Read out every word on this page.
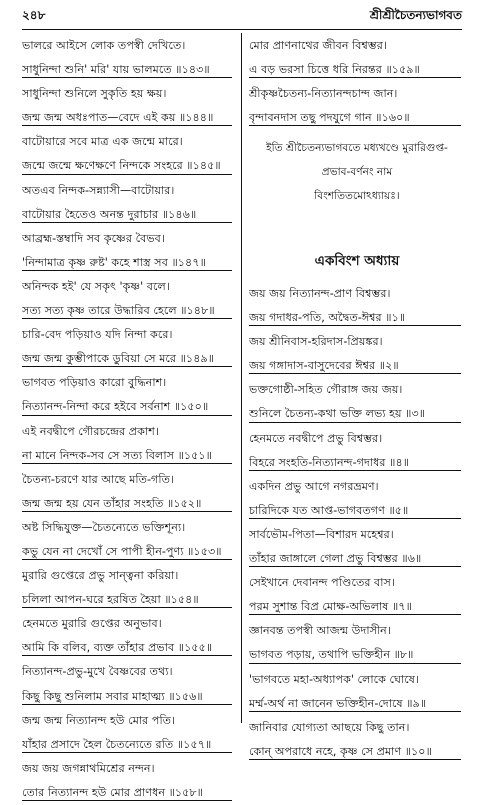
২৪৮	শ্রীশ্রীচৈতন্যভাগবত
ভালরে আইসে লোক তপস্বী দেখিতে।
সাধুনিন্দা শুনি' মরি' যায় ভালমতে ॥১৪৩॥
সাধুনিন্দা শুনিলে সুকৃতি হয় ক্ষয়।
জন্ম জন্ম অধঃপাত—বেদে এই কয় ॥১৪৪॥
বাটোয়ারে সবে মাত্র এক জন্মে মারে।
জন্মে জন্মে ক্ষণেক্ষণে নিন্দকে সংহরে ॥১৪৫॥
অতএব নিন্দক-সন্ন্যাসী—বাটোয়ার।
বাটোয়ার হৈতেও অনন্ত দুরাচার ॥১৪৬॥
আব্রহ্ম-স্তম্বাদি সব কৃষ্ণের বৈভব।
'নিন্দামাত্র কৃষ্ণ রুষ্ট' কহে শাস্ত্র সব ॥১৪৭॥
অনিন্দক হই' যে সকৃৎ 'কৃষ্ণ' বলে।
সত্য সত্য কৃষ্ণ তারে উদ্ধারিব হেলে ॥১৪৮॥
চারি-বেদ পড়িয়াও যদি নিন্দা করে।
জন্ম জন্ম কুম্ভীপাকে ডুবিয়া সে মরে ॥১৪৯॥
ভাগবত পড়িয়াও কারো বুদ্ধিনাশ।
নিত্যানন্দ-নিন্দা করে হইবে সর্বনাশ ॥১৫০॥
এই নবদ্বীপে গৌরচন্দ্রের প্রকাশ।
না মানে নিন্দক-সব সে সত্য বিলাস ॥১৫১॥
চৈতন্য-চরণে যার আছে মতি-গতি।
জন্ম জন্ম হয় যেন তাঁহার সংহতি ॥১৫২॥
অষ্ট সিদ্ধিযুক্ত—চৈতন্যেতে ভক্তিশূন্য।
কভু যেন না দেখোঁ সে পাপী হীন-পুণ্য ॥১৫৩॥
মুরারি গুপ্তেরে প্রভু সান্ত্বনা করিয়া।
চলিলা আপন-ঘরে হরষিত হৈয়া ॥১৫৪॥
হেনমতে মুরারি গুপ্তের অনুভাব।
আমি কি বলিব, ব্যক্ত তাঁহার প্রভাব ॥১৫৫॥
নিত্যানন্দ-প্রভু-মুখে বৈষ্ণবের তথ্য।
কিছু কিছু শুনিলাম সবার মাহাত্ম্য ॥১৫৬॥
জন্ম জন্ম নিত্যানন্দ হউ মোর পতি।
যাঁহার প্রসাদে হৈল চৈতন্যেতে রতি ॥১৫৭॥
জয় জয় জগন্নাথমিশ্রের নন্দন।
তোর নিত্যানন্দ হউ মোর প্রাণধন ॥১৫৮॥
মোর প্রাণনাথের জীবন বিশ্বম্ভর।
এ বড় ভরসা চিত্তে ধরি নিরন্তর ॥১৫৯॥
শ্রীকৃষ্ণচৈতন্য-নিত্যানন্দচান্দ জান।
বৃন্দাবনদাস তছু পদযুগে গান ॥১৬০॥
ইতি শ্রীচৈতন্যভাগবতে মধ্যখণ্ডে মুরারিগুপ্ত-
প্রভাব-বর্ণনং নাম
বিংশতিতমোঽধ্যায়ঃ।
একবিংশ অধ্যায়
জয় জয় নিত্যানন্দ-প্রাণ বিশ্বম্ভর।
জয় গদাধর-পতি, অদ্বৈত-ঈশ্বর ॥১॥
জয় শ্রীনিবাস-হরিদাস-প্রিয়ঙ্কর।
জয় গঙ্গাদাস-বাসুদেবের ঈশ্বর ॥২॥
ভক্তগোষ্ঠী-সহিত গৌরাঙ্গ জয় জয়।
শুনিলে চৈতন্য-কথা ভক্তি লভ্য হয় ॥৩॥
হেনমতে নবদ্বীপে প্রভু বিশ্বম্ভর।
বিহরে সংহতি-নিত্যানন্দ-গদাধর ॥৪॥
একদিন প্রভু আগে নগরভ্রমণ।
চারিদিকে যত আপ্ত-ভাগবতগণ ॥৫॥
সার্বভৌম-পিতা—বিশারদ মহেশ্বর।
তাঁহার জাঙ্গালে গেলা প্রভু বিশ্বম্ভর ॥৬॥
সেইখানে দেবানন্দ পণ্ডিতের বাস।
পরম সুশান্ত বিপ্র মোক্ষ-অভিলাষ ॥৭॥
জ্ঞানবন্ত তপস্বী আজন্ম উদাসীন।
ভাগবত পড়ায়, তথাপি ভক্তিহীন ॥৮॥
'ভাগবতে মহা-অধ্যাপক' লোকে ঘোষে।
মর্ম্ম-অর্থ না জানেন ভক্তিহীন-দোষে ॥৯॥
জানিবার যোগ্যতা আছয়ে কিছু তান।
কোন্ অপরাধে নহে, কৃষ্ণ সে প্রমাণ ॥১০॥
